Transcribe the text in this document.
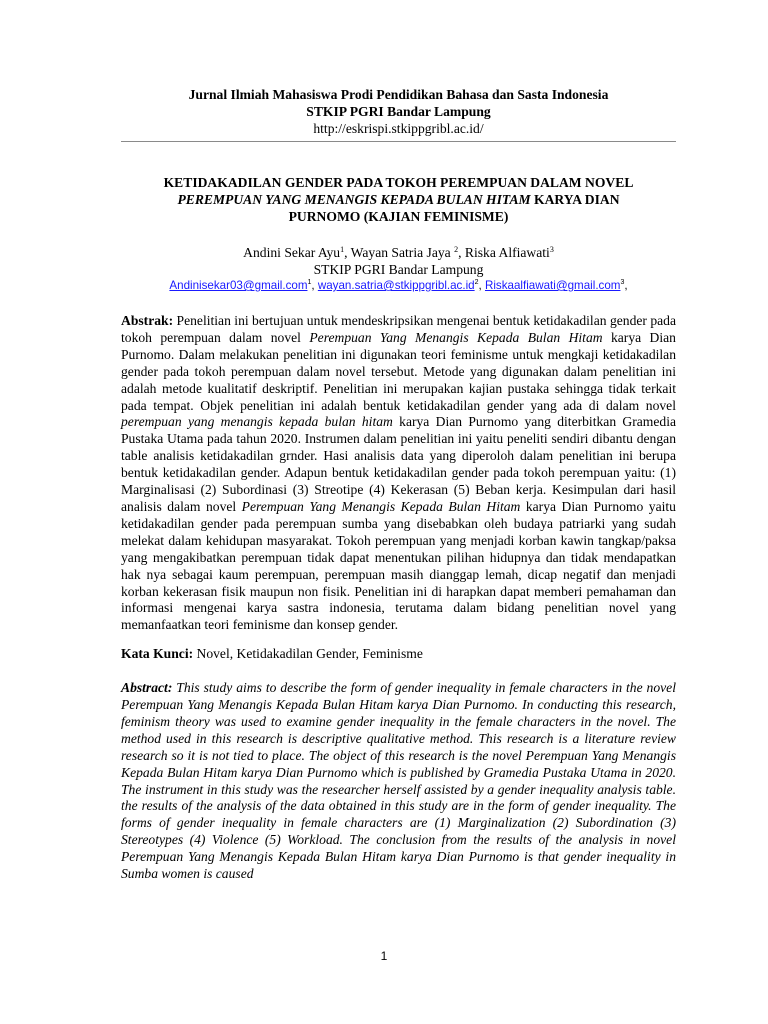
Jurnal Ilmiah Mahasiswa Prodi Pendidikan Bahasa dan Sasta Indonesia
STKIP PGRI Bandar Lampung
http://eskrispi.stkippgribl.ac.id/
KETIDAKADILAN GENDER PADA TOKOH PEREMPUAN DALAM NOVEL
PEREMPUAN YANG MENANGIS KEPADA BULAN HITAM KARYA DIAN
PURNOMO (KAJIAN FEMINISME)
Andini Sekar Ayu$^1$, Wayan Satria Jaya $^2$, Riska Alfiawati$^3$
STKIP PGRI Bandar Lampung
Andinisekar03@gmail.com$^1$, $wayan.satria@stkippgribl.ac.id^2$, Riskaalfiawati@gmail.com$^3$,
Abstrak: Penelitian ini bertujuan untuk mendeskripsikan mengenai bentuk ketidakadilan gender pada tokoh perempuan dalam novel Perempuan Yang Menangis Kepada Bulan Hitam karya Dian Purnomo. Dalam melakukan penelitian ini digunakan teori feminisme untuk mengkaji ketidakadilan gender pada tokoh perempuan dalam novel tersebut. Metode yang digunakan dalam penelitian ini adalah metode kualitatif deskriptif. Penelitian ini merupakan kajian pustaka sehingga tidak terkait pada tempat. Objek penelitian ini adalah bentuk ketidakadilan gender yang ada di dalam novel perempuan yang menangis kepada bulan hitam karya Dian Purnomo yang diterbitkan Gramedia Pustaka Utama pada tahun 2020. Instrumen dalam penelitian ini yaitu peneliti sendiri dibantu dengan table analisis ketidakadilan grnder. Hasi analisis data yang diperoloh dalam penelitian ini berupa bentuk ketidakadilan gender. Adapun bentuk ketidakadilan gender pada tokoh perempuan yaitu: (1) Marginalisasi (2) Subordinasi (3) Streotipe (4) Kekerasan (5) Beban kerja. Kesimpulan dari hasil analisis dalam novel Perempuan Yang Menangis Kepada Bulan Hitam karya Dian Purnomo yaitu ketidakadilan gender pada perempuan sumba yang disebabkan oleh budaya patriarki yang sudah melekat dalam kehidupan masyarakat. Tokoh perempuan yang menjadi korban kawin tangkap/paksa yang mengakibatkan perempuan tidak dapat menentukan pilihan hidupnya dan tidak mendapatkan hak nya sebagai kaum perempuan, perempuan masih dianggap lemah, dicap negatif dan menjadi korban kekerasan fisik maupun non fisik. Penelitian ini di harapkan dapat memberi pemahaman dan informasi mengenai karya sastra indonesia, terutama dalam bidang penelitian novel yang memanfaatkan teori feminisme dan konsep gender.
Kata Kunci: Novel, Ketidakadilan Gender, Feminisme
Abstract: This study aims to describe the form of gender inequality in female characters in the novel Perempuan Yang Menangis Kepada Bulan Hitam karya Dian Purnomo. In conducting this research, feminism theory was used to examine gender inequality in the female characters in the novel. The method used in this research is descriptive qualitative method. This research is a literature review research so it is not tied to place. The object of this research is the novel Perempuan Yang Menangis Kepada Bulan Hitam karya Dian Purnomo which is published by Gramedia Pustaka Utama in 2020. The instrument in this study was the researcher herself assisted by a gender inequality analysis table. the results of the analysis of the data obtained in this study are in the form of gender inequality. The forms of gender inequality in female characters are (1) Marginalization (2) Subordination (3) Stereotypes (4) Violence (5) Workload. The conclusion from the results of the analysis in novel Perempuan Yang Menangis Kepada Bulan Hitam karya Dian Purnomo is that gender inequality in Sumba women is caused
1
